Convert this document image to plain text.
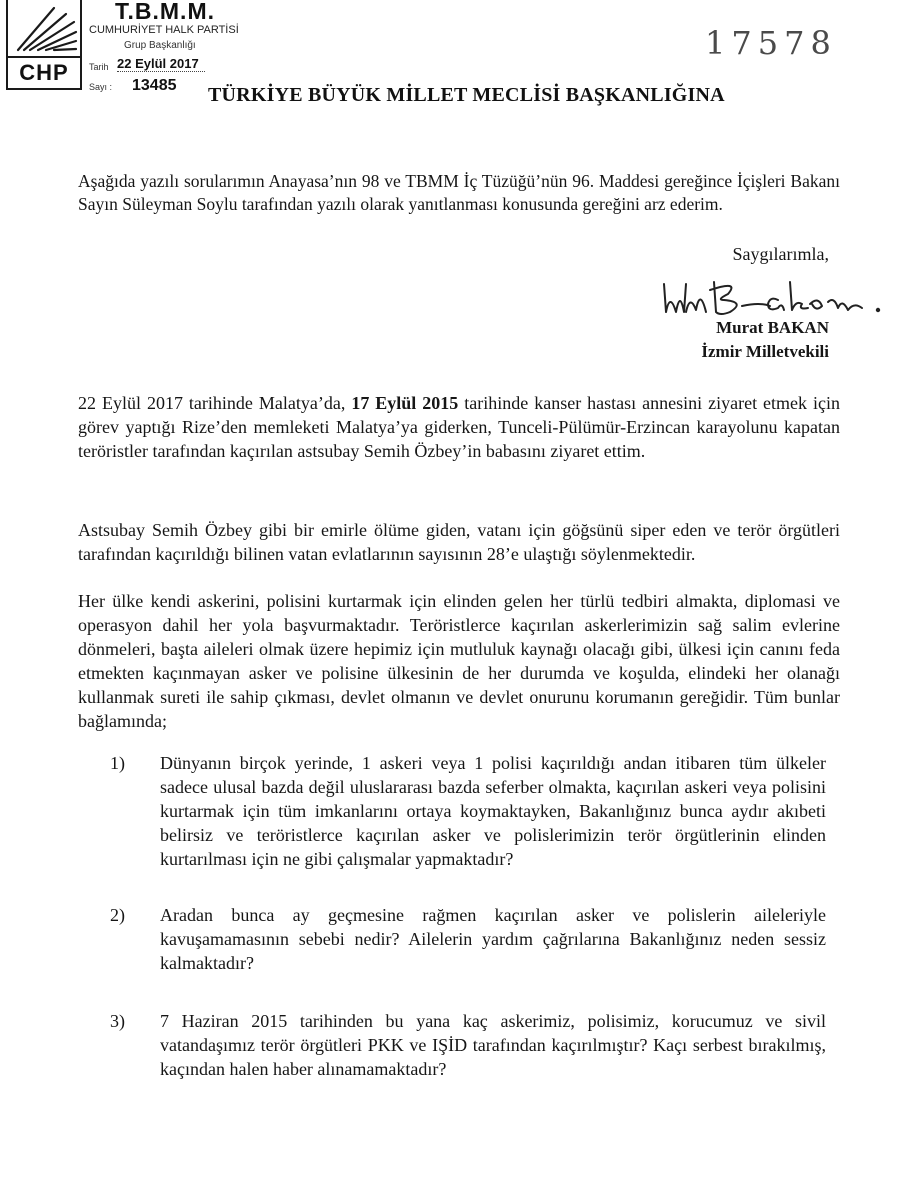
CHP
T.B.M.M.
CUMHURİYET HALK PARTİSİ
Grup Başkanlığı
Tarih 22 Eylül 2017
Sayı : 13485
17578
TÜRKİYE BÜYÜK MİLLET MECLİSİ BAŞKANLIĞINA
Aşağıda yazılı sorularımın Anayasa’nın 98 ve TBMM İç Tüzüğü’nün 96. Maddesi gereğince İçişleri Bakanı Sayın Süleyman Soylu tarafından yazılı olarak yanıtlanması konusunda gereğini arz ederim.
Saygılarımla,
Murat BAKAN
İzmir Milletvekili
22 Eylül 2017 tarihinde Malatya’da, 17 Eylül 2015 tarihinde kanser hastası annesini ziyaret etmek için görev yaptığı Rize’den memleketi Malatya’ya giderken, Tunceli-Pülümür-Erzincan karayolunu kapatan teröristler tarafından kaçırılan astsubay Semih Özbey’in babasını ziyaret ettim.
Astsubay Semih Özbey gibi bir emirle ölüme giden, vatanı için göğsünü siper eden ve terör örgütleri tarafından kaçırıldığı bilinen vatan evlatlarının sayısının 28’e ulaştığı söylenmektedir.
Her ülke kendi askerini, polisini kurtarmak için elinden gelen her türlü tedbiri almakta, diplomasi ve operasyon dahil her yola başvurmaktadır. Teröristlerce kaçırılan askerlerimizin sağ salim evlerine dönmeleri, başta aileleri olmak üzere hepimiz için mutluluk kaynağı olacağı gibi, ülkesi için canını feda etmekten kaçınmayan asker ve polisine ülkesinin de her durumda ve koşulda, elindeki her olanağı kullanmak sureti ile sahip çıkması, devlet olmanın ve devlet onurunu korumanın gereğidir. Tüm bunlar bağlamında;
1)	Dünyanın birçok yerinde, 1 askeri veya 1 polisi kaçırıldığı andan itibaren tüm ülkeler sadece ulusal bazda değil uluslararası bazda seferber olmakta, kaçırılan askeri veya polisini kurtarmak için tüm imkanlarını ortaya koymaktayken, Bakanlığınız bunca aydır akıbeti belirsiz ve teröristlerce kaçırılan asker ve polislerimizin terör örgütlerinin elinden kurtarılması için ne gibi çalışmalar yapmaktadır?
2)	Aradan bunca ay geçmesine rağmen kaçırılan asker ve polislerin aileleriyle kavuşamamasının sebebi nedir? Ailelerin yardım çağrılarına Bakanlığınız neden sessiz kalmaktadır?
3)	7 Haziran 2015 tarihinden bu yana kaç askerimiz, polisimiz, korucumuz ve sivil vatandaşımız terör örgütleri PKK ve IŞİD tarafından kaçırılmıştır? Kaçı serbest bırakılmış, kaçından halen haber alınamamaktadır?
